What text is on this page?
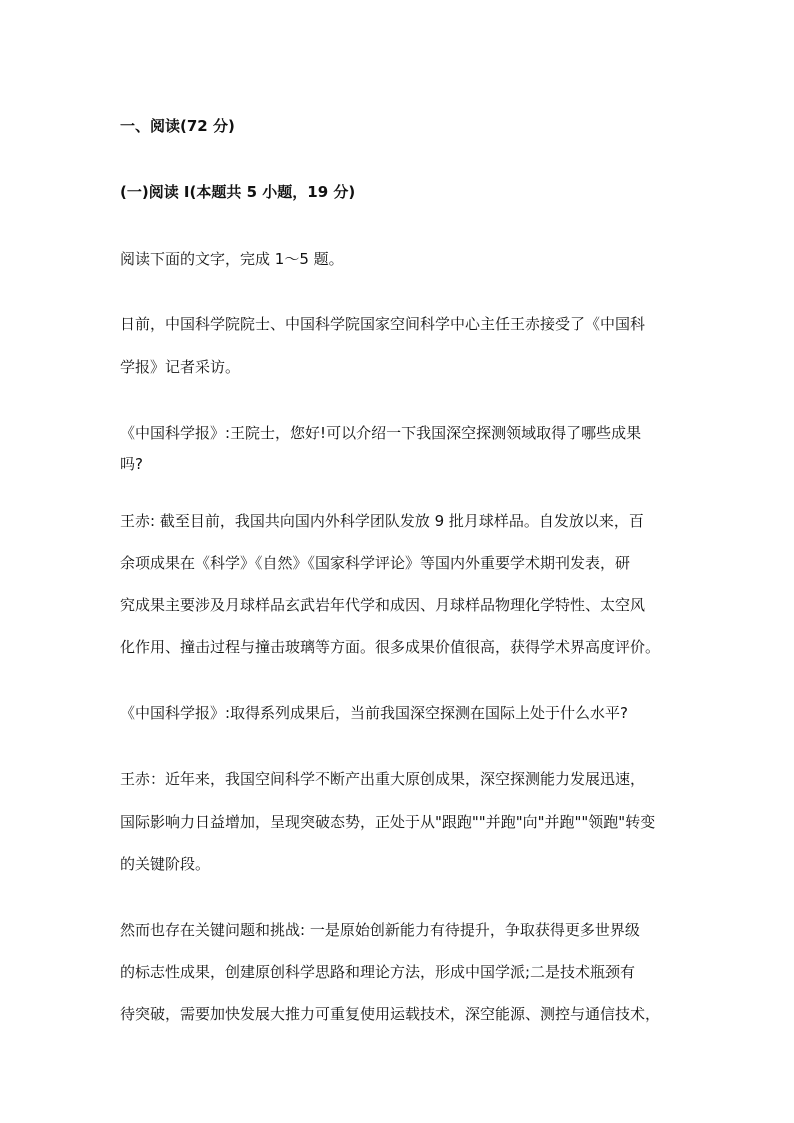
一、阅读(72 分)
(一)阅读 I(本题共 5 小题，19 分)
阅读下面的文字，完成 1～5 题。
日前，中国科学院院士、中国科学院国家空间科学中心主任王赤接受了《中国科
学报》记者采访。
《中国科学报》:王院士，您好!可以介绍一下我国深空探测领域取得了哪些成果
吗?
王赤: 截至目前，我国共向国内外科学团队发放 9 批月球样品。自发放以来，百
余项成果在《科学》《自然》《国家科学评论》等国内外重要学术期刊发表，研
究成果主要涉及月球样品玄武岩年代学和成因、月球样品物理化学特性、太空风
化作用、撞击过程与撞击玻璃等方面。很多成果价值很高，获得学术界高度评价。
《中国科学报》:取得系列成果后，当前我国深空探测在国际上处于什么水平?
王赤：近年来，我国空间科学不断产出重大原创成果，深空探测能力发展迅速，
国际影响力日益增加，呈现突破态势，正处于从"跟跑""并跑"向"并跑""领跑"转变
的关键阶段。
然而也存在关键问题和挑战: 一是原始创新能力有待提升，争取获得更多世界级
的标志性成果，创建原创科学思路和理论方法，形成中国学派;二是技术瓶颈有
待突破，需要加快发展大推力可重复使用运载技术，深空能源、测控与通信技术，
